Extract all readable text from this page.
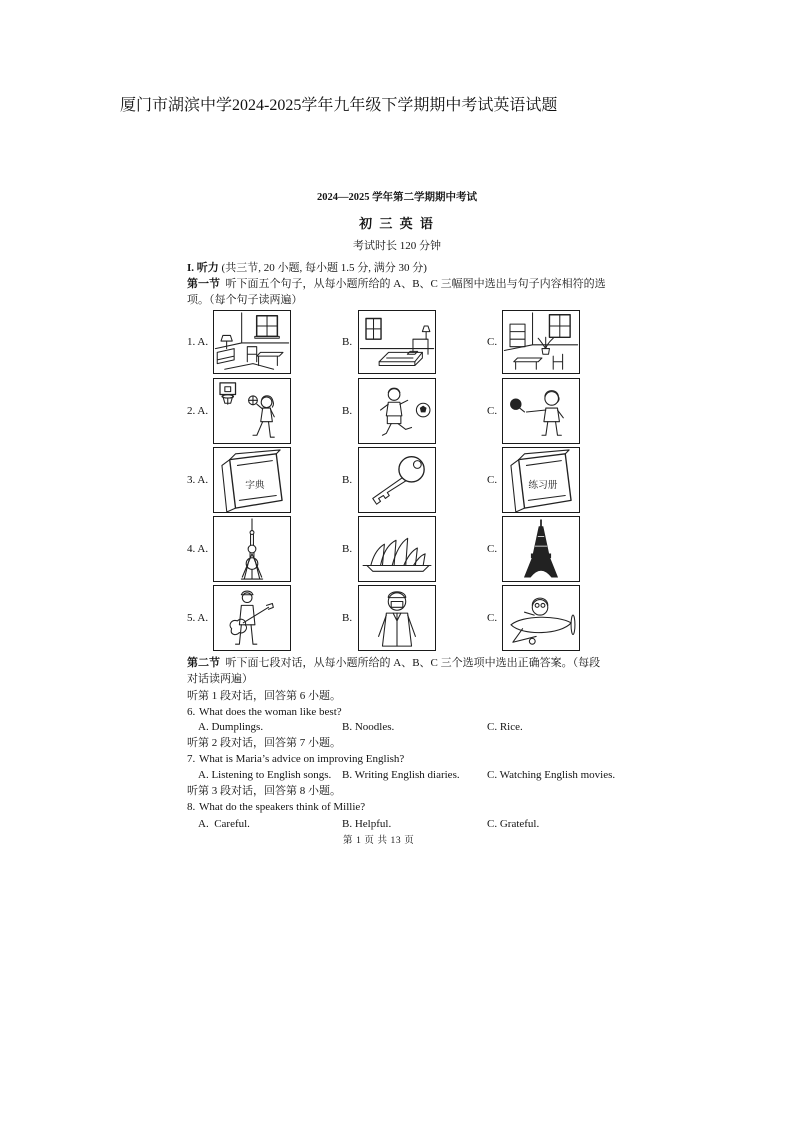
厦门市湖滨中学2024-2025学年九年级下学期期中考试英语试题
2024—2025 学年第二学期期中考试
初 三 英 语
考试时长 120 分钟
I. 听力 (共三节, 20 小题, 每小题 1.5 分, 满分 30 分)
第一节  听下面五个句子，从每小题所给的 A、B、C 三幅图中选出与句子内容相符的选
项。（每个句子读两遍）
1. A.	B.	C.
2. A.	B.	C.
3. A.	B.	C.
字典	练习册
4. A.	B.	C.
5. A.	B.	C.
第二节  听下面七段对话，从每小题所给的 A、B、C 三个选项中选出正确答案。（每段
对话读两遍）
听第 1 段对话，回答第 6 小题。
6. What does the woman like best?
A. Dumplings.	B. Noodles.	C. Rice.
听第 2 段对话，回答第 7 小题。
7. What is Maria’s advice on improving English?
A. Listening to English songs. B. Writing English diaries. C. Watching English movies.
听第 3 段对话，回答第 8 小题。
8. What do the speakers think of Millie?
A.  Careful.	B. Helpful.	C. Grateful.
第 1 页 共 13 页
